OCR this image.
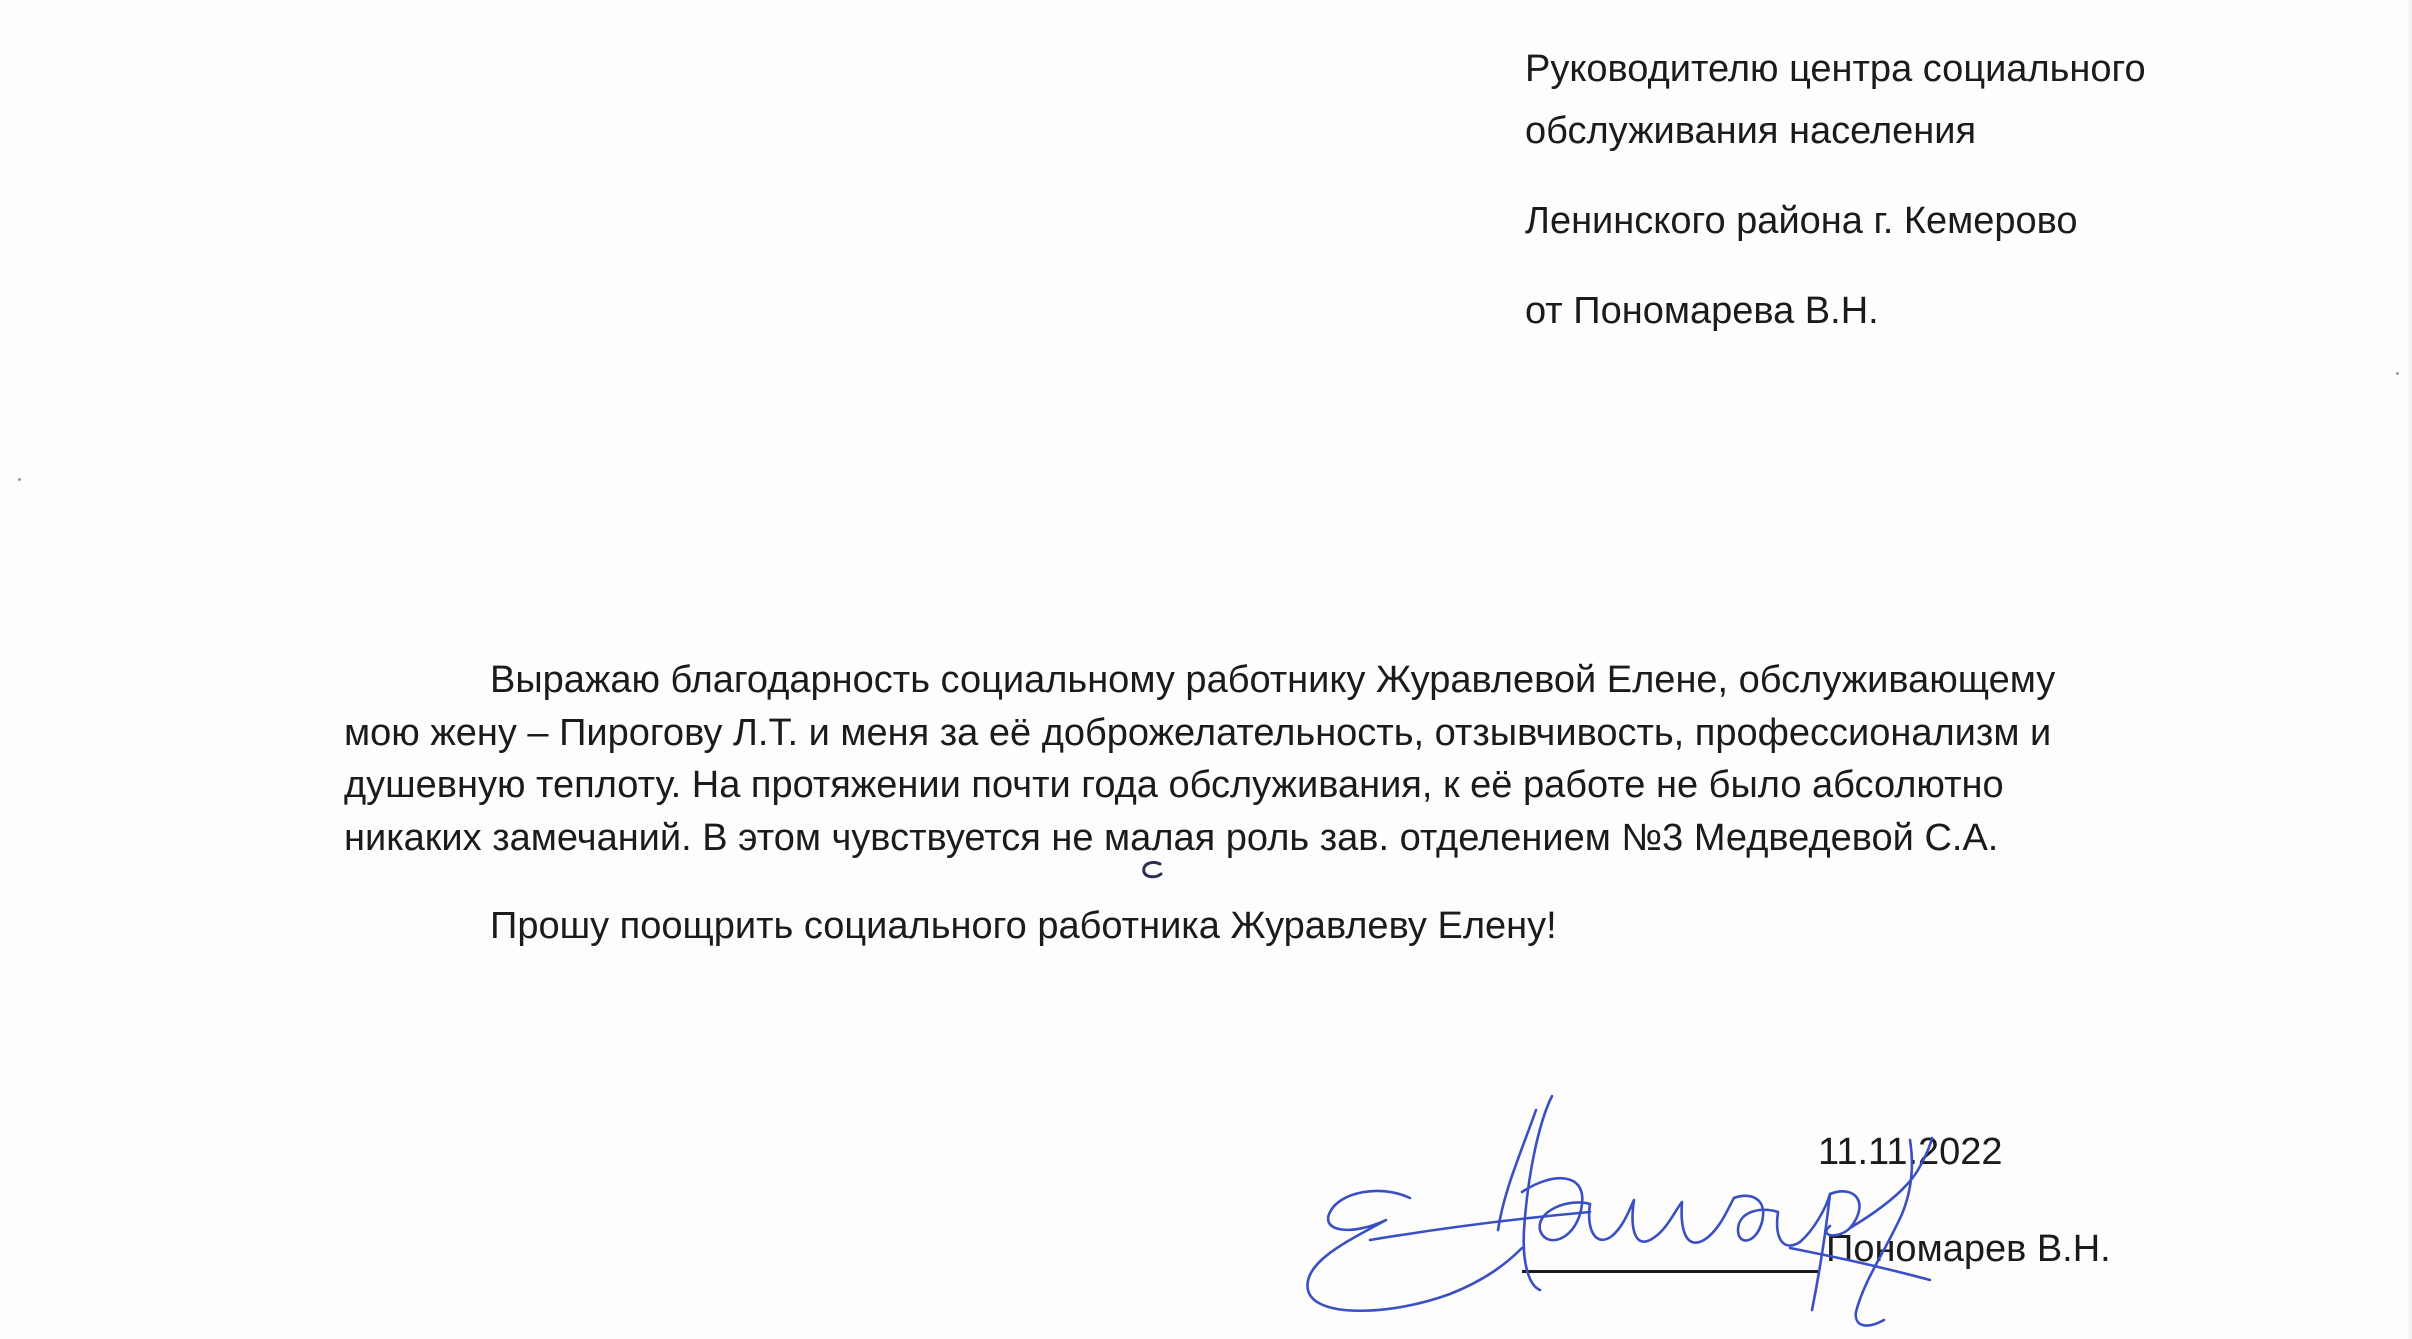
Руководителю центра социального
обслуживания населения
Ленинского района г. Кемерово
от Пономарева В.Н.
Выражаю благодарность социальному работнику Журавлевой Елене, обслуживающему
мою жену – Пирогову Л.Т. и меня за её доброжелательность, отзывчивость, профессионализм и
душевную теплоту. На протяжении почти года обслуживания, к её работе не было абсолютно
никаких замечаний. В этом чувствуется не малая роль зав. отделением №3 Медведевой С.А.
Прошу поощрить социального работника Журавлеву Елену!
11.11.2022
Пономарев В.Н.
